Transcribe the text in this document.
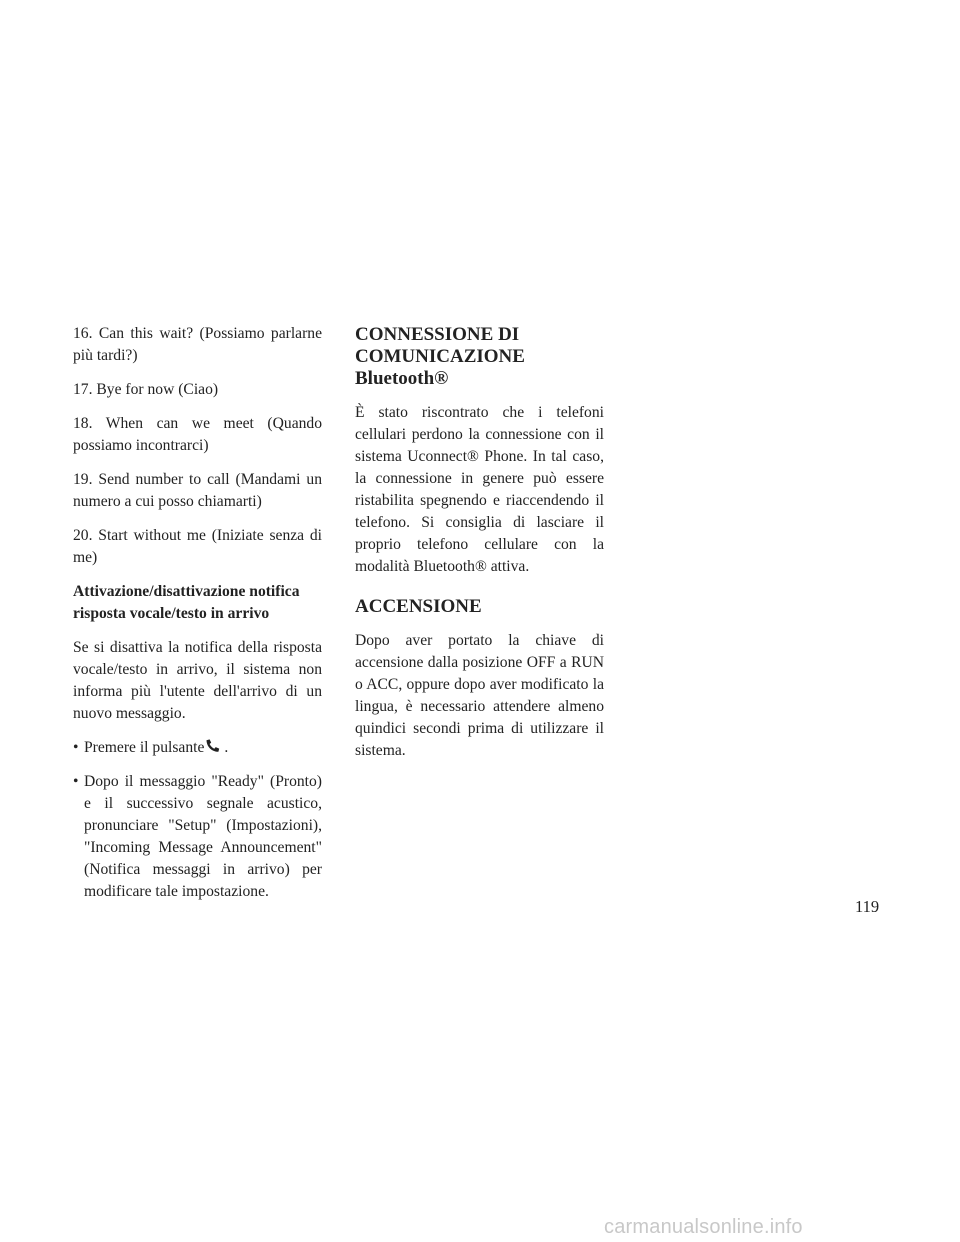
16. Can this wait? (Possiamo parlarne più tardi?)

17. Bye for now (Ciao)

18. When can we meet (Quando possiamo incontrarci)

19. Send number to call (Mandami un numero a cui posso chiamarti)

20. Start without me (Iniziate senza di me)

Attivazione/disattivazione notifica risposta vocale/testo in arrivo

Se si disattiva la notifica della risposta vocale/testo in arrivo, il sistema non informa più l'utente dell'arrivo di un nuovo messaggio.

• Premere il pulsante .
• Dopo il messaggio "Ready" (Pronto) e il successivo segnale acustico, pronunciare "Setup" (Impostazioni), "Incoming Message Announcement" (Notifica messaggi in arrivo) per modificare tale impostazione.
CONNESSIONE DI COMUNICAZIONE Bluetooth®

È stato riscontrato che i telefoni cellulari perdono la connessione con il sistema Uconnect® Phone. In tal caso, la connessione in genere può essere ristabilita spegnendo e riaccendendo il telefono. Si consiglia di lasciare il proprio telefono cellulare con la modalità Bluetooth® attiva.

ACCENSIONE

Dopo aver portato la chiave di accensione dalla posizione OFF a RUN o ACC, oppure dopo aver modificato la lingua, è necessario attendere almeno quindici secondi prima di utilizzare il sistema.

119
carmanualsonline.info
